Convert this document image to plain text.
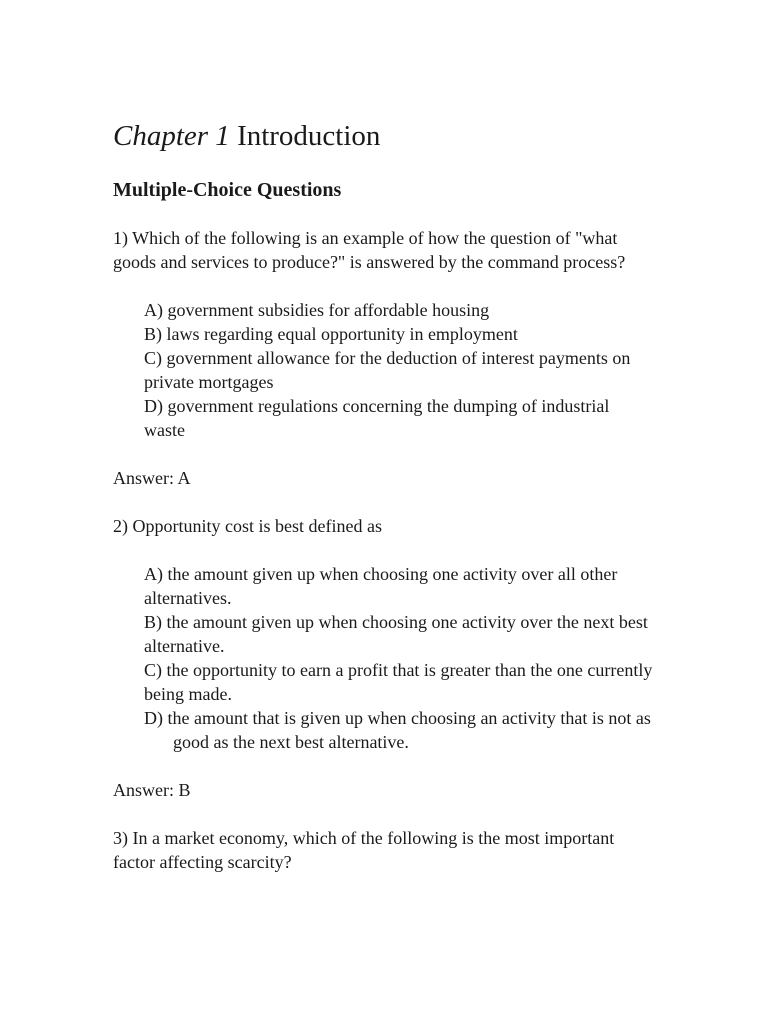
Chapter 1 Introduction
Multiple-Choice Questions
1) Which of the following is an example of how the question of "what goods and services to produce?" is answered by the command process?
A) government subsidies for affordable housing
B) laws regarding equal opportunity in employment
C) government allowance for the deduction of interest payments on private mortgages
D) government regulations concerning the dumping of industrial waste
Answer: A
2) Opportunity cost is best defined as
A) the amount given up when choosing one activity over all other alternatives.
B) the amount given up when choosing one activity over the next best alternative.
C) the opportunity to earn a profit that is greater than the one currently being made.
D) the amount that is given up when choosing an activity that is not as good as the next best alternative.
Answer: B
3) In a market economy, which of the following is the most important factor affecting scarcity?
